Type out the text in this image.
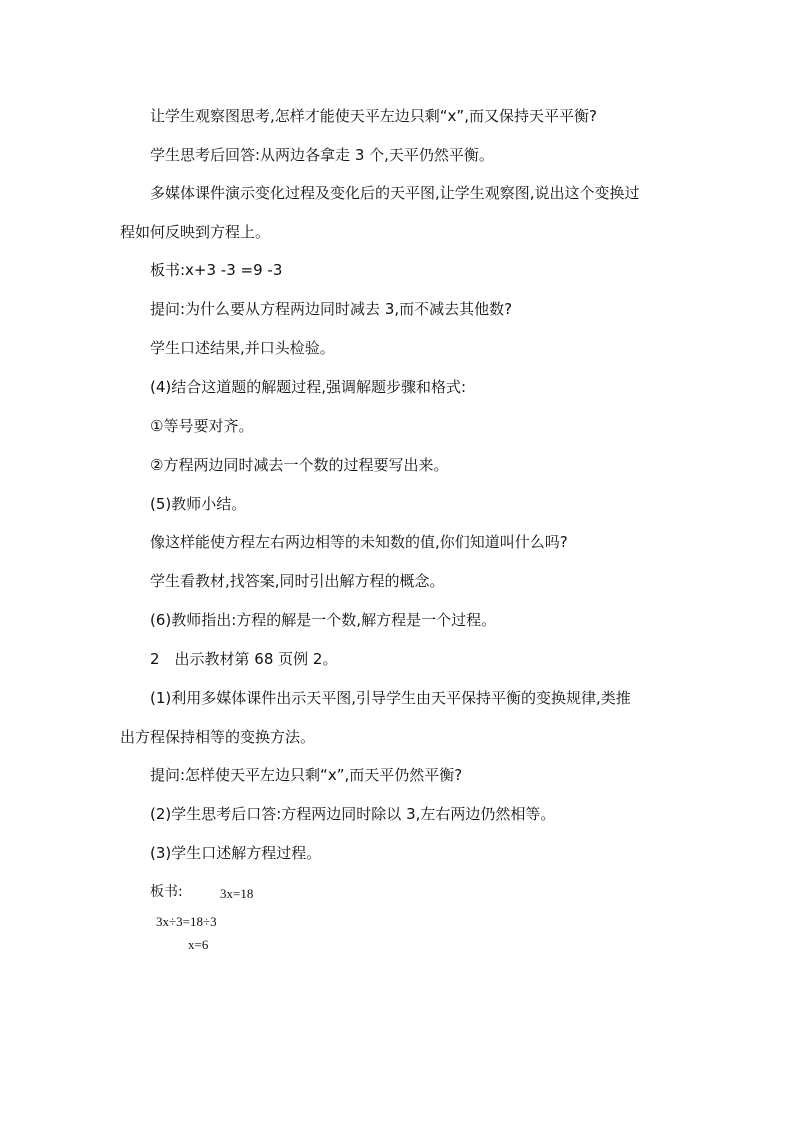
让学生观察图思考,怎样才能使天平左边只剩“x”,而又保持天平平衡?
学生思考后回答:从两边各拿走 3 个,天平仍然平衡。
多媒体课件演示变化过程及变化后的天平图,让学生观察图,说出这个变换过
程如何反映到方程上。
板书:x+3 -3 =9 -3
提问:为什么要从方程两边同时减去 3,而不减去其他数?
学生口述结果,并口头检验。
(4)结合这道题的解题过程,强调解题步骤和格式:
①等号要对齐。
②方程两边同时减去一个数的过程要写出来。
(5)教师小结。
像这样能使方程左右两边相等的未知数的值,你们知道叫什么吗?
学生看教材,找答案,同时引出解方程的概念。
(6)教师指出:方程的解是一个数,解方程是一个过程。
2　出示教材第 68 页例 2。
(1)利用多媒体课件出示天平图,引导学生由天平保持平衡的变换规律,类推
出方程保持相等的变换方法。
提问:怎样使天平左边只剩“x”,而天平仍然平衡?
(2)学生思考后口答:方程两边同时除以 3,左右两边仍然相等。
(3)学生口述解方程过程。
板书:	3x=18
3x÷3=18÷3
x=6
